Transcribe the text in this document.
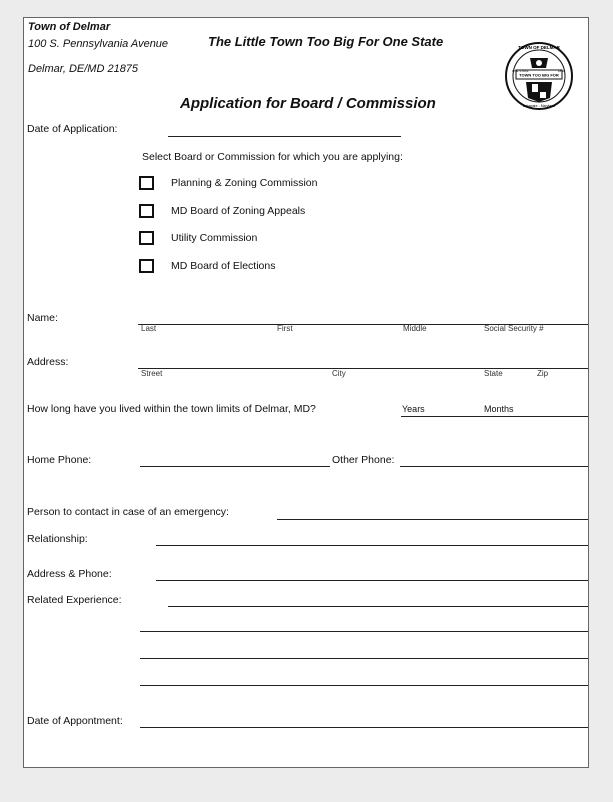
Town of Delmar
100 S. Pennsylvania Avenue
Delmar, DE/MD 21875
The Little Town Too Big For One State	TOWN OF DELMAR
TOWN TOO BIG FOR
ONE STATE	1859
Delaware - Maryland
Application for Board / Commission
Date of Application:
Select Board or Commission for which you are applying:
Planning & Zoning Commission
MD Board of Zoning Appeals
Utility Commission
MD Board of Elections
Name:
Last	First	Middle	Social Security #
Address:
Street	City	State	Zip
How long have you lived within the town limits of Delmar, MD?	Years	Months
Home Phone:	Other Phone:
Person to contact in case of an emergency:
Relationship:
Address & Phone:
Related Experience:
Date of Appontment:
